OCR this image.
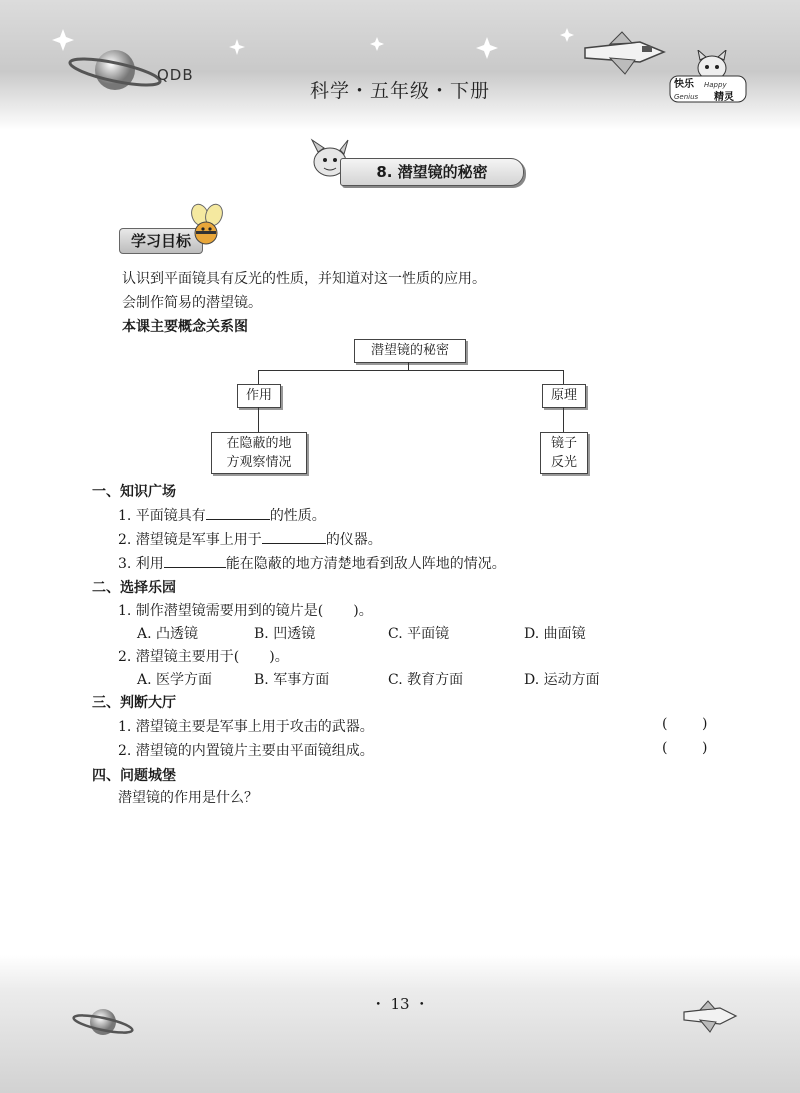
QDB
科学・五年级・下册	快乐 Happy
Genius 精灵
8. 潜望镜的秘密
学习目标
认识到平面镜具有反光的性质，并知道对这一性质的应用。
会制作简易的潜望镜。
本课主要概念关系图
潜望镜的秘密
作用	原理
在隐蔽的地
方观察情况
镜子
反光
一、知识广场
1. 平面镜具有	的性质。
2. 潜望镜是军事上用于	的仪器。
3. 利用	能在隐蔽的地方清楚地看到敌人阵地的情况。
二、选择乐园
1. 制作潜望镜需要用到的镜片是( )。
A. 凸透镜	B. 凹透镜	C. 平面镜	D. 曲面镜
2. 潜望镜主要用于( )。
A. 医学方面	B. 军事方面	C. 教育方面	D. 运动方面
三、判断大厅
1. 潜望镜主要是军事上用于攻击的武器。	( )
2. 潜望镜的内置镜片主要由平面镜组成。	( )
四、问题城堡
潜望镜的作用是什么？
・ 13 ・
